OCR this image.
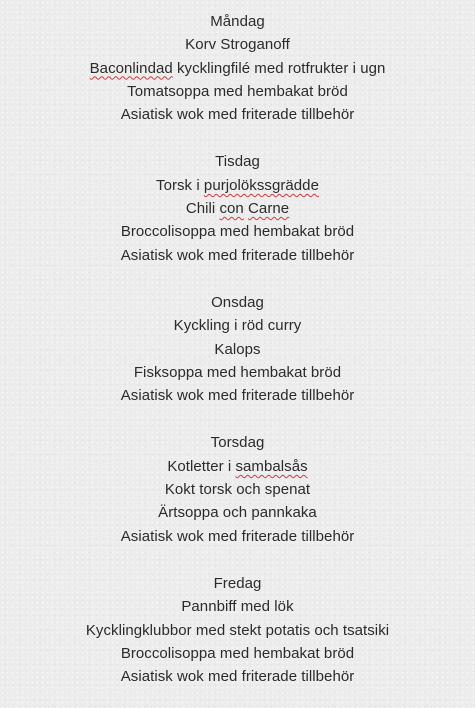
Måndag
Korv Stroganoff
Baconlindad kycklingfilé med rotfrukter i ugn
Tomatsoppa med hembakat bröd
Asiatisk wok med friterade tillbehör
Tisdag
Torsk i purjolökssgrädde
Chili con Carne
Broccolisoppa med hembakat bröd
Asiatisk wok med friterade tillbehör
Onsdag
Kyckling i röd curry
Kalops
Fisksoppa med hembakat bröd
Asiatisk wok med friterade tillbehör
Torsdag
Kotletter i sambalsås
Kokt torsk och spenat
Ärtsoppa och pannkaka
Asiatisk wok med friterade tillbehör
Fredag
Pannbiff med lök
Kycklingklubbor med stekt potatis och tsatsiki
Broccolisoppa med hembakat bröd
Asiatisk wok med friterade tillbehör
